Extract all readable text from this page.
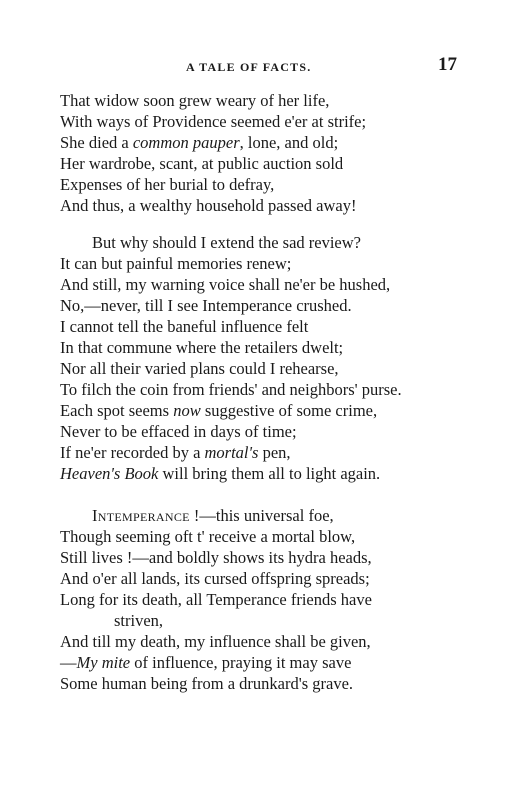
A TALE OF FACTS.	17
That widow soon grew weary of her life,
With ways of Providence seemed e'er at strife;
She died a common pauper, lone, and old;
Her wardrobe, scant, at public auction sold
Expenses of her burial to defray,
And thus, a wealthy household passed away!
But why should I extend the sad review?
It can but painful memories renew;
And still, my warning voice shall ne'er be hushed,
No,—never, till I see Intemperance crushed.
I cannot tell the baneful influence felt
In that commune where the retailers dwelt;
Nor all their varied plans could I rehearse,
To filch the coin from friends' and neighbors' purse.
Each spot seems now suggestive of some crime,
Never to be effaced in days of time;
If ne'er recorded by a mortal's pen,
Heaven's Book will bring them all to light again.
Intemperance !—this universal foe,
Though seeming oft t' receive a mortal blow,
Still lives !—and boldly shows its hydra heads,
And o'er all lands, its cursed offspring spreads;
Long for its death, all Temperance friends have
striven,
And till my death, my influence shall be given,
—My mite of influence, praying it may save
Some human being from a drunkard's grave.
